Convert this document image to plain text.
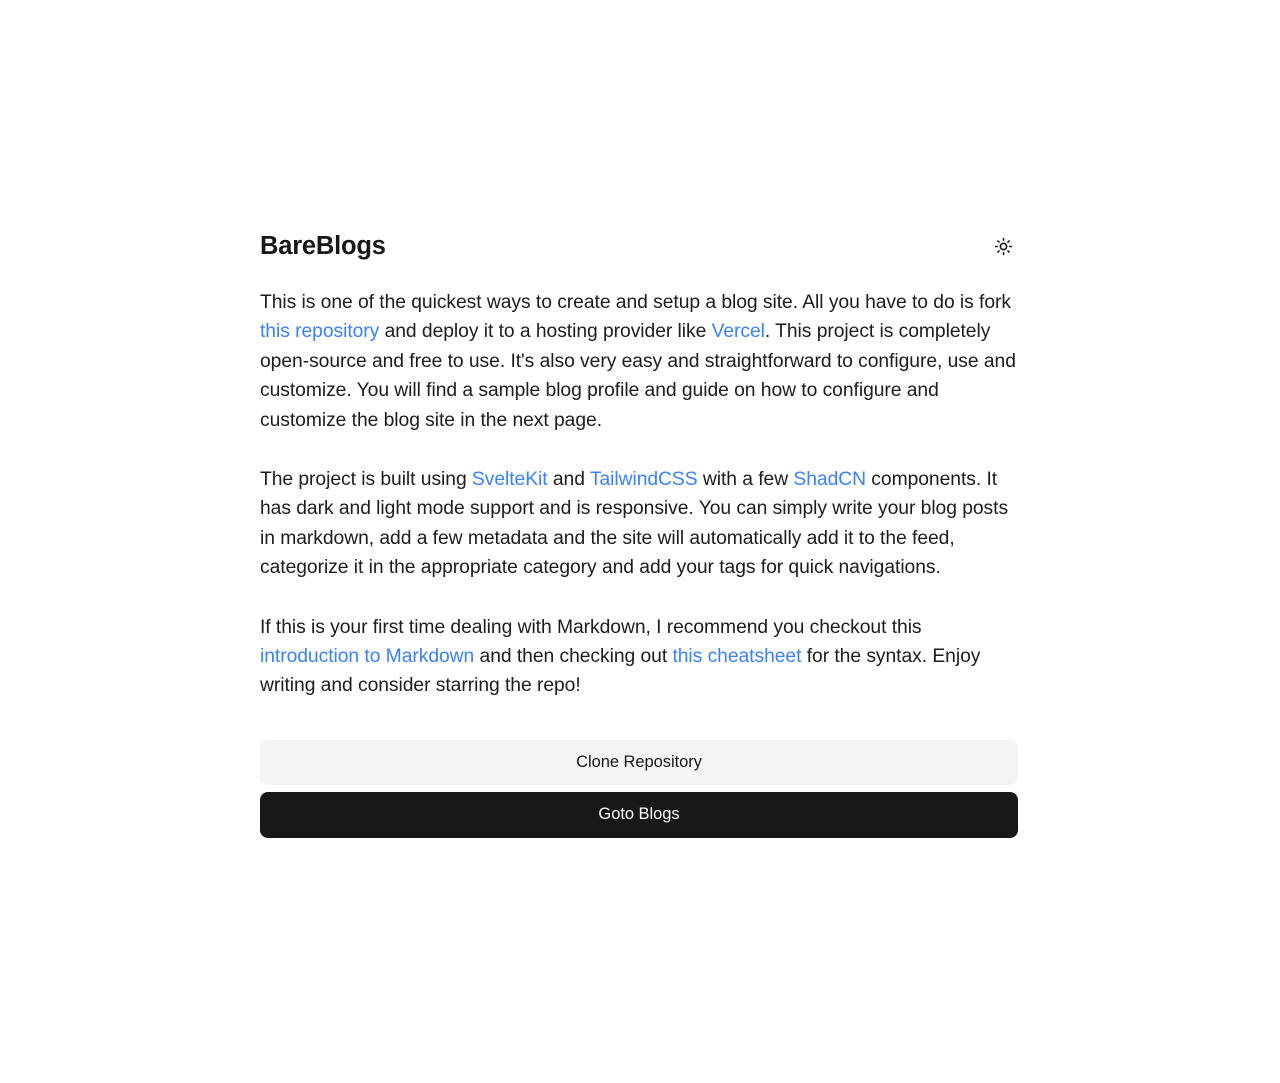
BareBlogs

This is one of the quickest ways to create and setup a blog site. All you have to do is fork this repository and deploy it to a hosting provider like Vercel. This project is completely open-source and free to use. It's also very easy and straightforward to configure, use and customize. You will find a sample blog profile and guide on how to configure and customize the blog site in the next page.

The project is built using SvelteKit and TailwindCSS with a few ShadCN components. It has dark and light mode support and is responsive. You can simply write your blog posts in markdown, add a few metadata and the site will automatically add it to the feed, categorize it in the appropriate category and add your tags for quick navigations.

If this is your first time dealing with Markdown, I recommend you checkout this introduction to Markdown and then checking out this cheatsheet for the syntax. Enjoy writing and consider starring the repo!

Clone Repository
Goto Blogs
